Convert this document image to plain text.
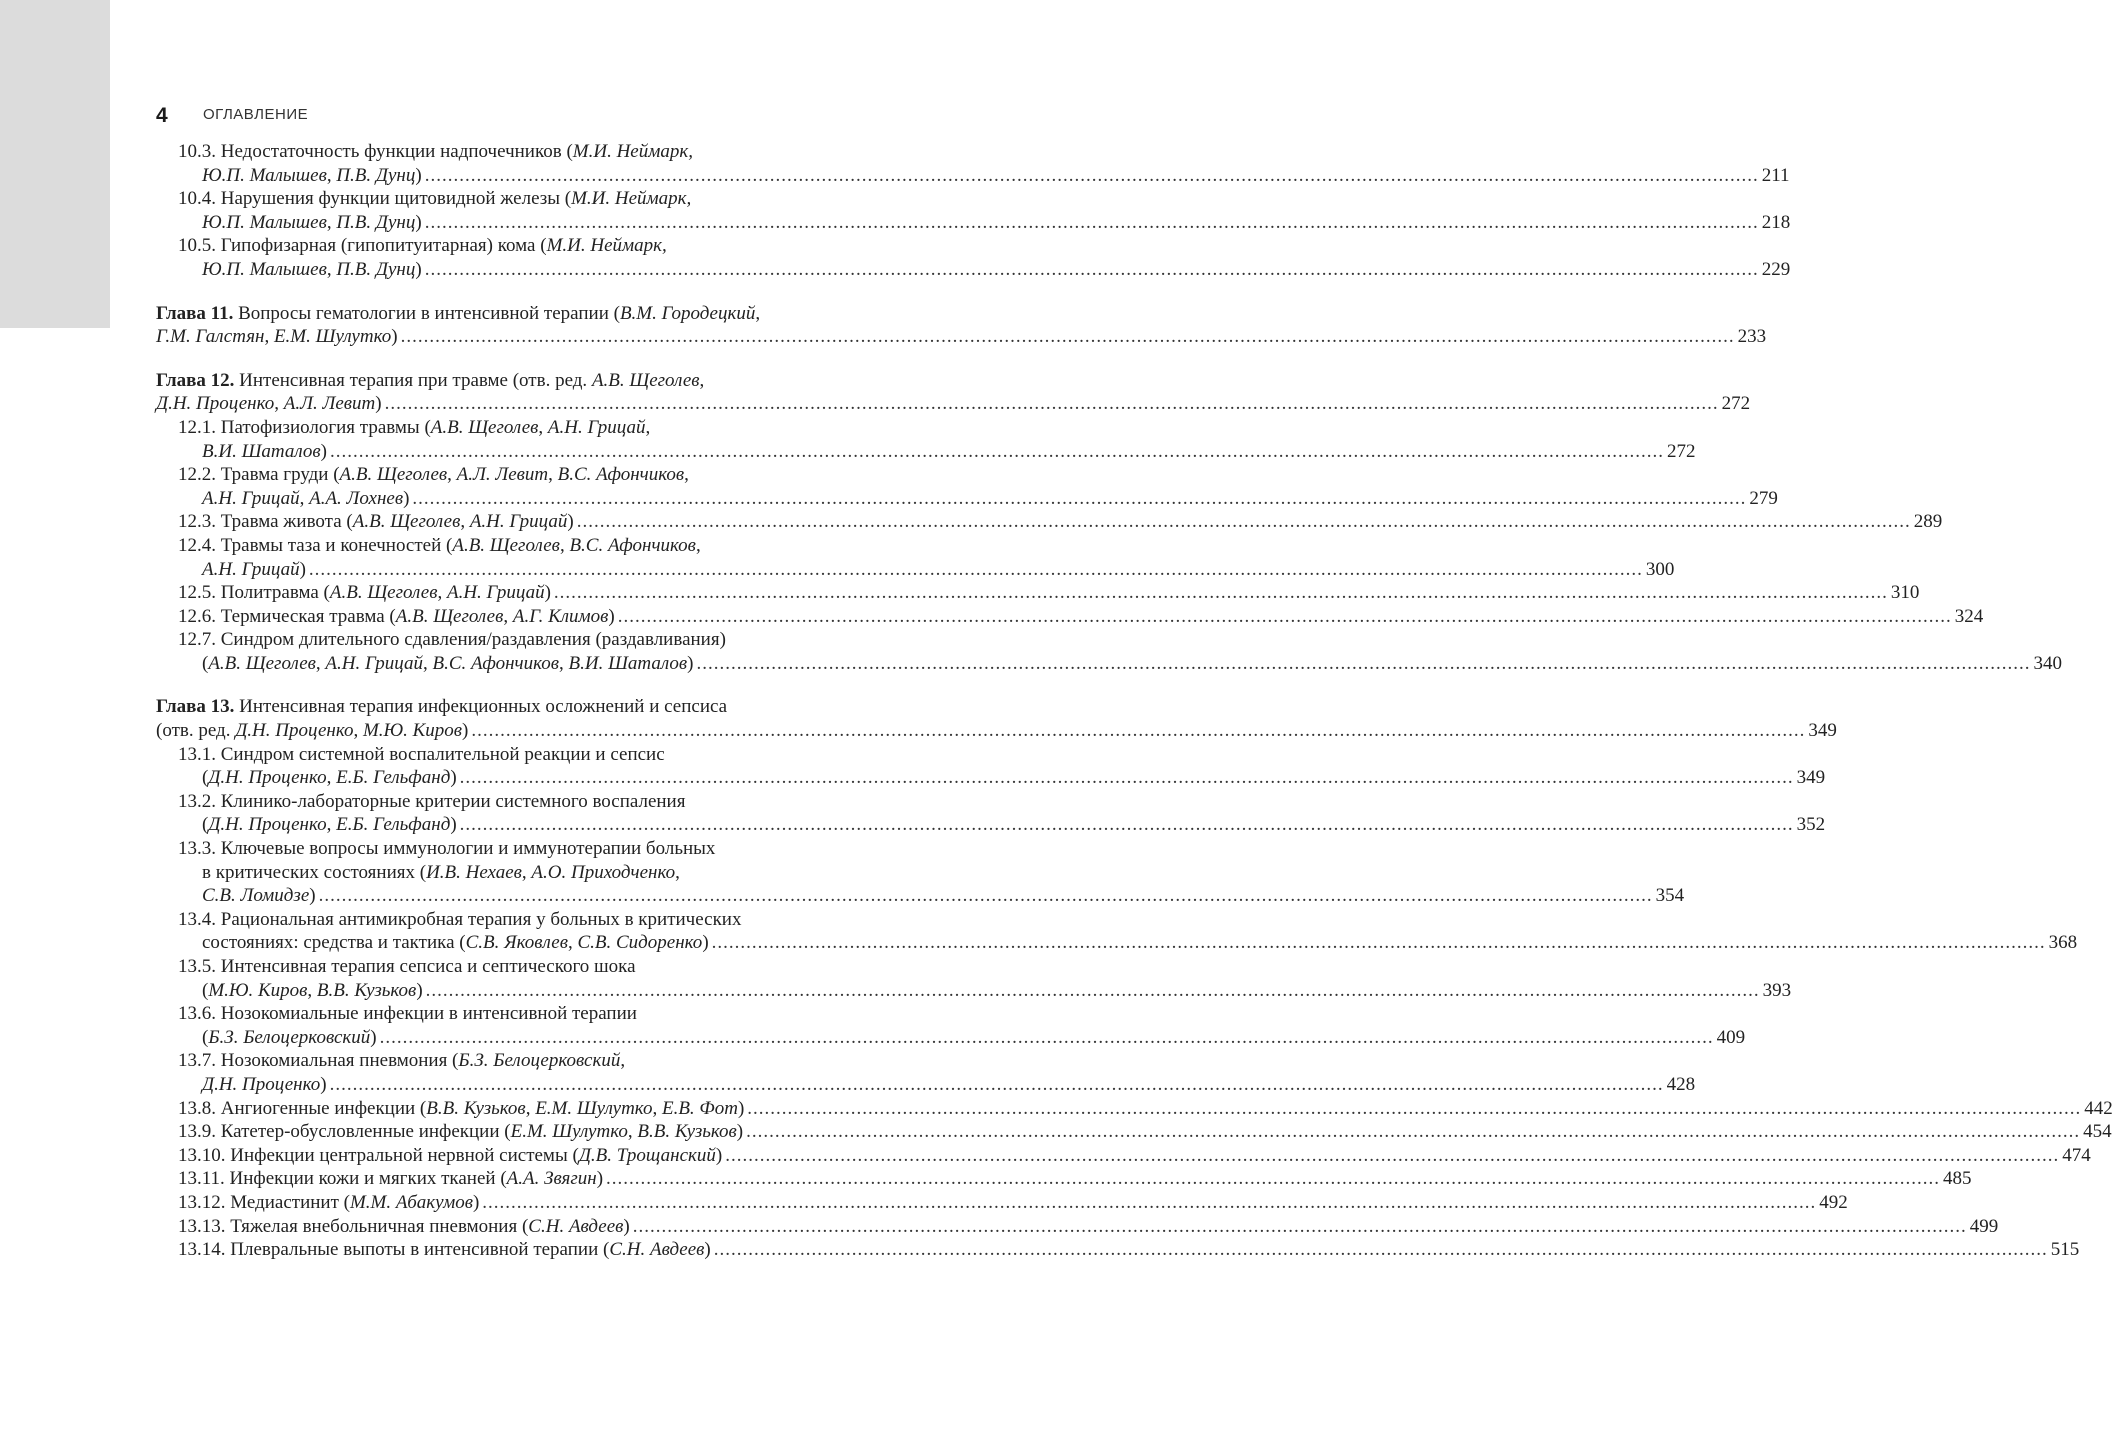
4 ОГЛАВЛЕНИЕ
10.3. Недостаточность функции надпочечников (М.И. Неймарк,
Ю.П. Малышев, П.В. Дунц) .....	211
10.4. Нарушения функции щитовидной железы (М.И. Неймарк,
Ю.П. Малышев, П.В. Дунц) .....	218
10.5. Гипофизарная (гипопитуитарная) кома (М.И. Неймарк,
Ю.П. Малышев, П.В. Дунц) .....	229
Глава 11. Вопросы гематологии в интенсивной терапии (В.М. Городецкий,
Г.М. Галстян, Е.М. Шулутко) .....	233
Глава 12. Интенсивная терапия при травме (отв. ред. А.В. Щеголев,
Д.Н. Проценко, А.Л. Левит) .....	272
12.1. Патофизиология травмы (А.В. Щеголев, А.Н. Грицай,
В.И. Шаталов) .....	272
12.2. Травма груди (А.В. Щеголев, А.Л. Левит, В.С. Афончиков,
А.Н. Грицай, А.А. Лохнев) .....	279
12.3. Травма живота (А.В. Щеголев, А.Н. Грицай) .....	289
12.4. Травмы таза и конечностей (А.В. Щеголев, В.С. Афончиков,
А.Н. Грицай) .....	300
12.5. Политравма (А.В. Щеголев, А.Н. Грицай) .....	310
12.6. Термическая травма (А.В. Щеголев, А.Г. Климов) .....	324
12.7. Синдром длительного сдавления/раздавления (раздавливания)
(А.В. Щеголев, А.Н. Грицай, В.С. Афончиков, В.И. Шаталов) .....	340
Глава 13. Интенсивная терапия инфекционных осложнений и сепсиса
(отв. ред. Д.Н. Проценко, М.Ю. Киров) .....	349
13.1. Синдром системной воспалительной реакции и сепсис
(Д.Н. Проценко, Е.Б. Гельфанд) .....	349
13.2. Клинико-лабораторные критерии системного воспаления
(Д.Н. Проценко, Е.Б. Гельфанд) .....	352
13.3. Ключевые вопросы иммунологии и иммунотерапии больных
в критических состояниях (И.В. Нехаев, А.О. Приходченко,
С.В. Ломидзе) .....	354
13.4. Рациональная антимикробная терапия у больных в критических
состояниях: средства и тактика (С.В. Яковлев, С.В. Сидоренко) .....	368
13.5. Интенсивная терапия сепсиса и септического шока
(М.Ю. Киров, В.В. Кузьков) .....	393
13.6. Нозокомиальные инфекции в интенсивной терапии
(Б.З. Белоцерковский) .....	409
13.7. Нозокомиальная пневмония (Б.З. Белоцерковский,
Д.Н. Проценко) .....	428
13.8. Ангиогенные инфекции (В.В. Кузьков, Е.М. Шулутко, Е.В. Фот) .....	442
13.9. Катетер-обусловленные инфекции (Е.М. Шулутко, В.В. Кузьков) .....	454
13.10. Инфекции центральной нервной системы (Д.В. Трощанский) .....	474
13.11. Инфекции кожи и мягких тканей (А.А. Звягин) .....	485
13.12. Медиастинит (М.М. Абакумов) .....	492
13.13. Тяжелая внебольничная пневмония (С.Н. Авдеев) .....	499
13.14. Плевральные выпоты в интенсивной терапии (С.Н. Авдеев) .....	515
